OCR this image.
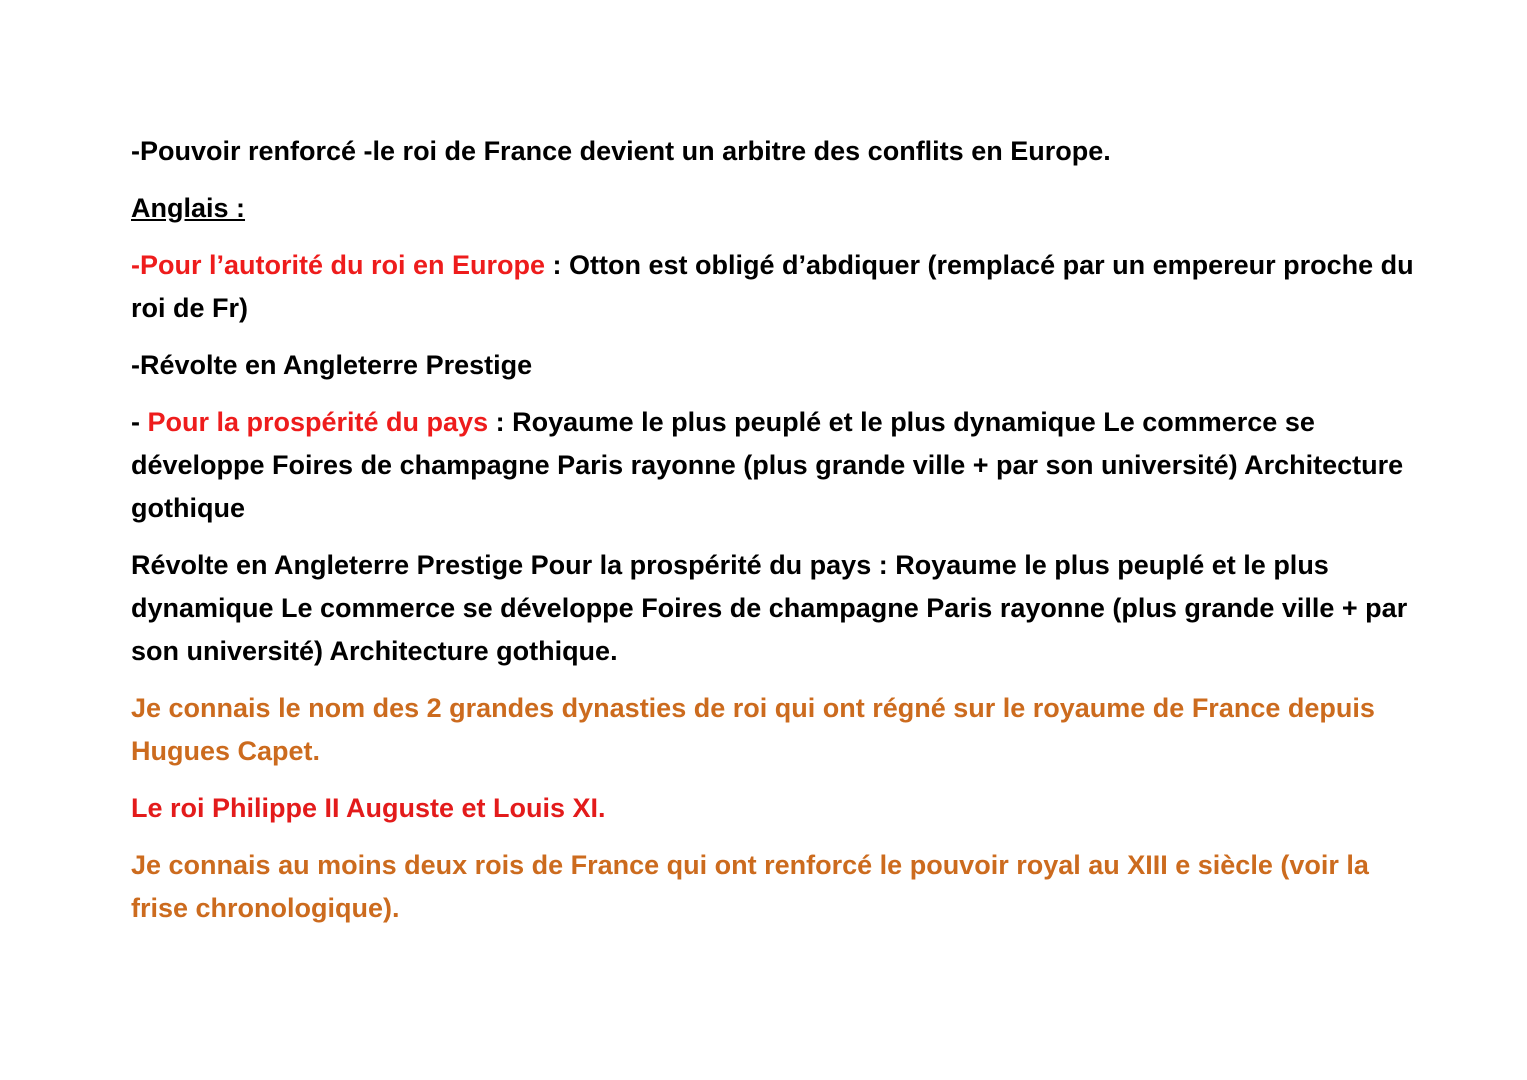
-Pouvoir renforcé -le roi de France devient un arbitre des conflits en Europe.

Anglais :

-Pour l’autorité du roi en Europe : Otton est obligé d’abdiquer (remplacé par un empereur proche du roi de Fr)

-Révolte en Angleterre Prestige

- Pour la prospérité du pays : Royaume le plus peuplé et le plus dynamique Le commerce se développe Foires de champagne Paris rayonne (plus grande ville + par son université) Architecture gothique

Révolte en Angleterre Prestige Pour la prospérité du pays : Royaume le plus peuplé et le plus dynamique Le commerce se développe Foires de champagne Paris rayonne (plus grande ville + par son université) Architecture gothique.

Je connais le nom des 2 grandes dynasties de roi qui ont régné sur le royaume de France depuis Hugues Capet.

Le roi Philippe II Auguste et Louis XI.

Je connais au moins deux rois de France qui ont renforcé le pouvoir royal au XIII e siècle (voir la frise chronologique).
